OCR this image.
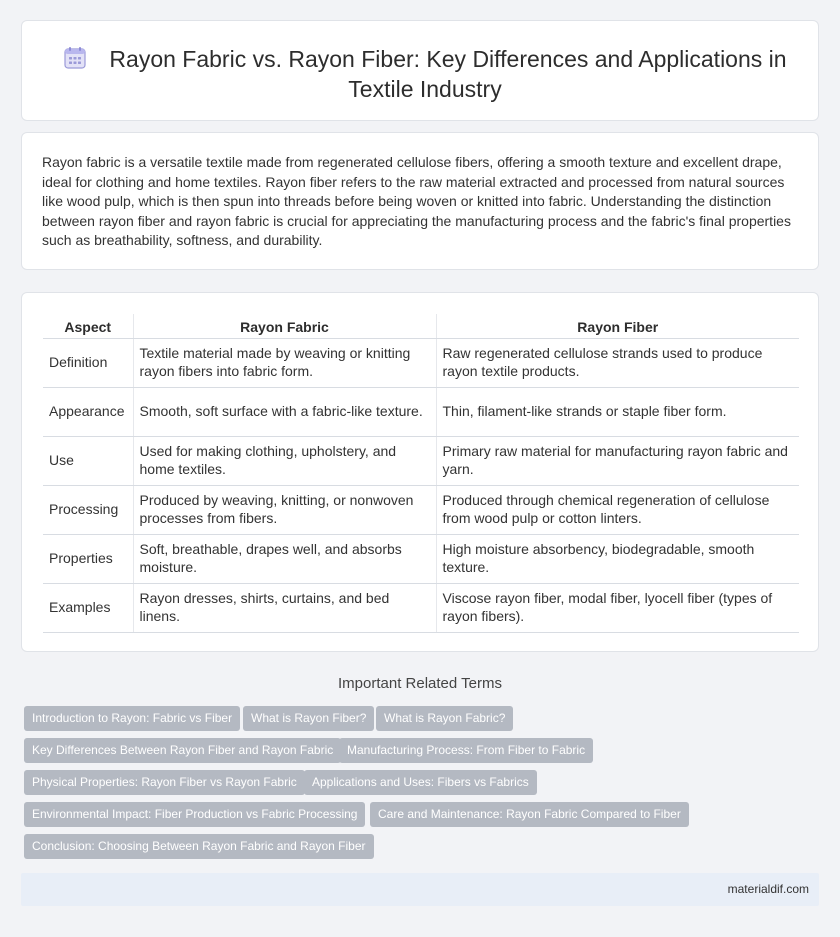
Rayon Fabric vs. Rayon Fiber: Key Differences and Applications in Textile Industry

Rayon fabric is a versatile textile made from regenerated cellulose fibers, offering a smooth texture and excellent drape, ideal for clothing and home textiles. Rayon fiber refers to the raw material extracted and processed from natural sources like wood pulp, which is then spun into threads before being woven or knitted into fabric. Understanding the distinction between rayon fiber and rayon fabric is crucial for appreciating the manufacturing process and the fabric's final properties such as breathability, softness, and durability.

Aspect	Rayon Fabric	Rayon Fiber
Definition	Textile material made by weaving or knitting rayon fibers into fabric form.	Raw regenerated cellulose strands used to produce rayon textile products.
Appearance	Smooth, soft surface with a fabric-like texture.	Thin, filament-like strands or staple fiber form.
Use	Used for making clothing, upholstery, and home textiles.	Primary raw material for manufacturing rayon fabric and yarn.
Processing	Produced by weaving, knitting, or nonwoven processes from fibers.	Produced through chemical regeneration of cellulose from wood pulp or cotton linters.
Properties	Soft, breathable, drapes well, and absorbs moisture.	High moisture absorbency, biodegradable, smooth texture.
Examples	Rayon dresses, shirts, curtains, and bed linens.	Viscose rayon fiber, modal fiber, lyocell fiber (types of rayon fibers).
Important Related Terms
Introduction to Rayon: Fabric vs Fiber	What is Rayon Fiber?	What is Rayon Fabric?
Key Differences Between Rayon Fiber and Rayon Fabric	Manufacturing Process: From Fiber to Fabric
Physical Properties: Rayon Fiber vs Rayon Fabric	Applications and Uses: Fibers vs Fabrics
Environmental Impact: Fiber Production vs Fabric Processing	Care and Maintenance: Rayon Fabric Compared to Fiber
Conclusion: Choosing Between Rayon Fabric and Rayon Fiber
materialdif.com
